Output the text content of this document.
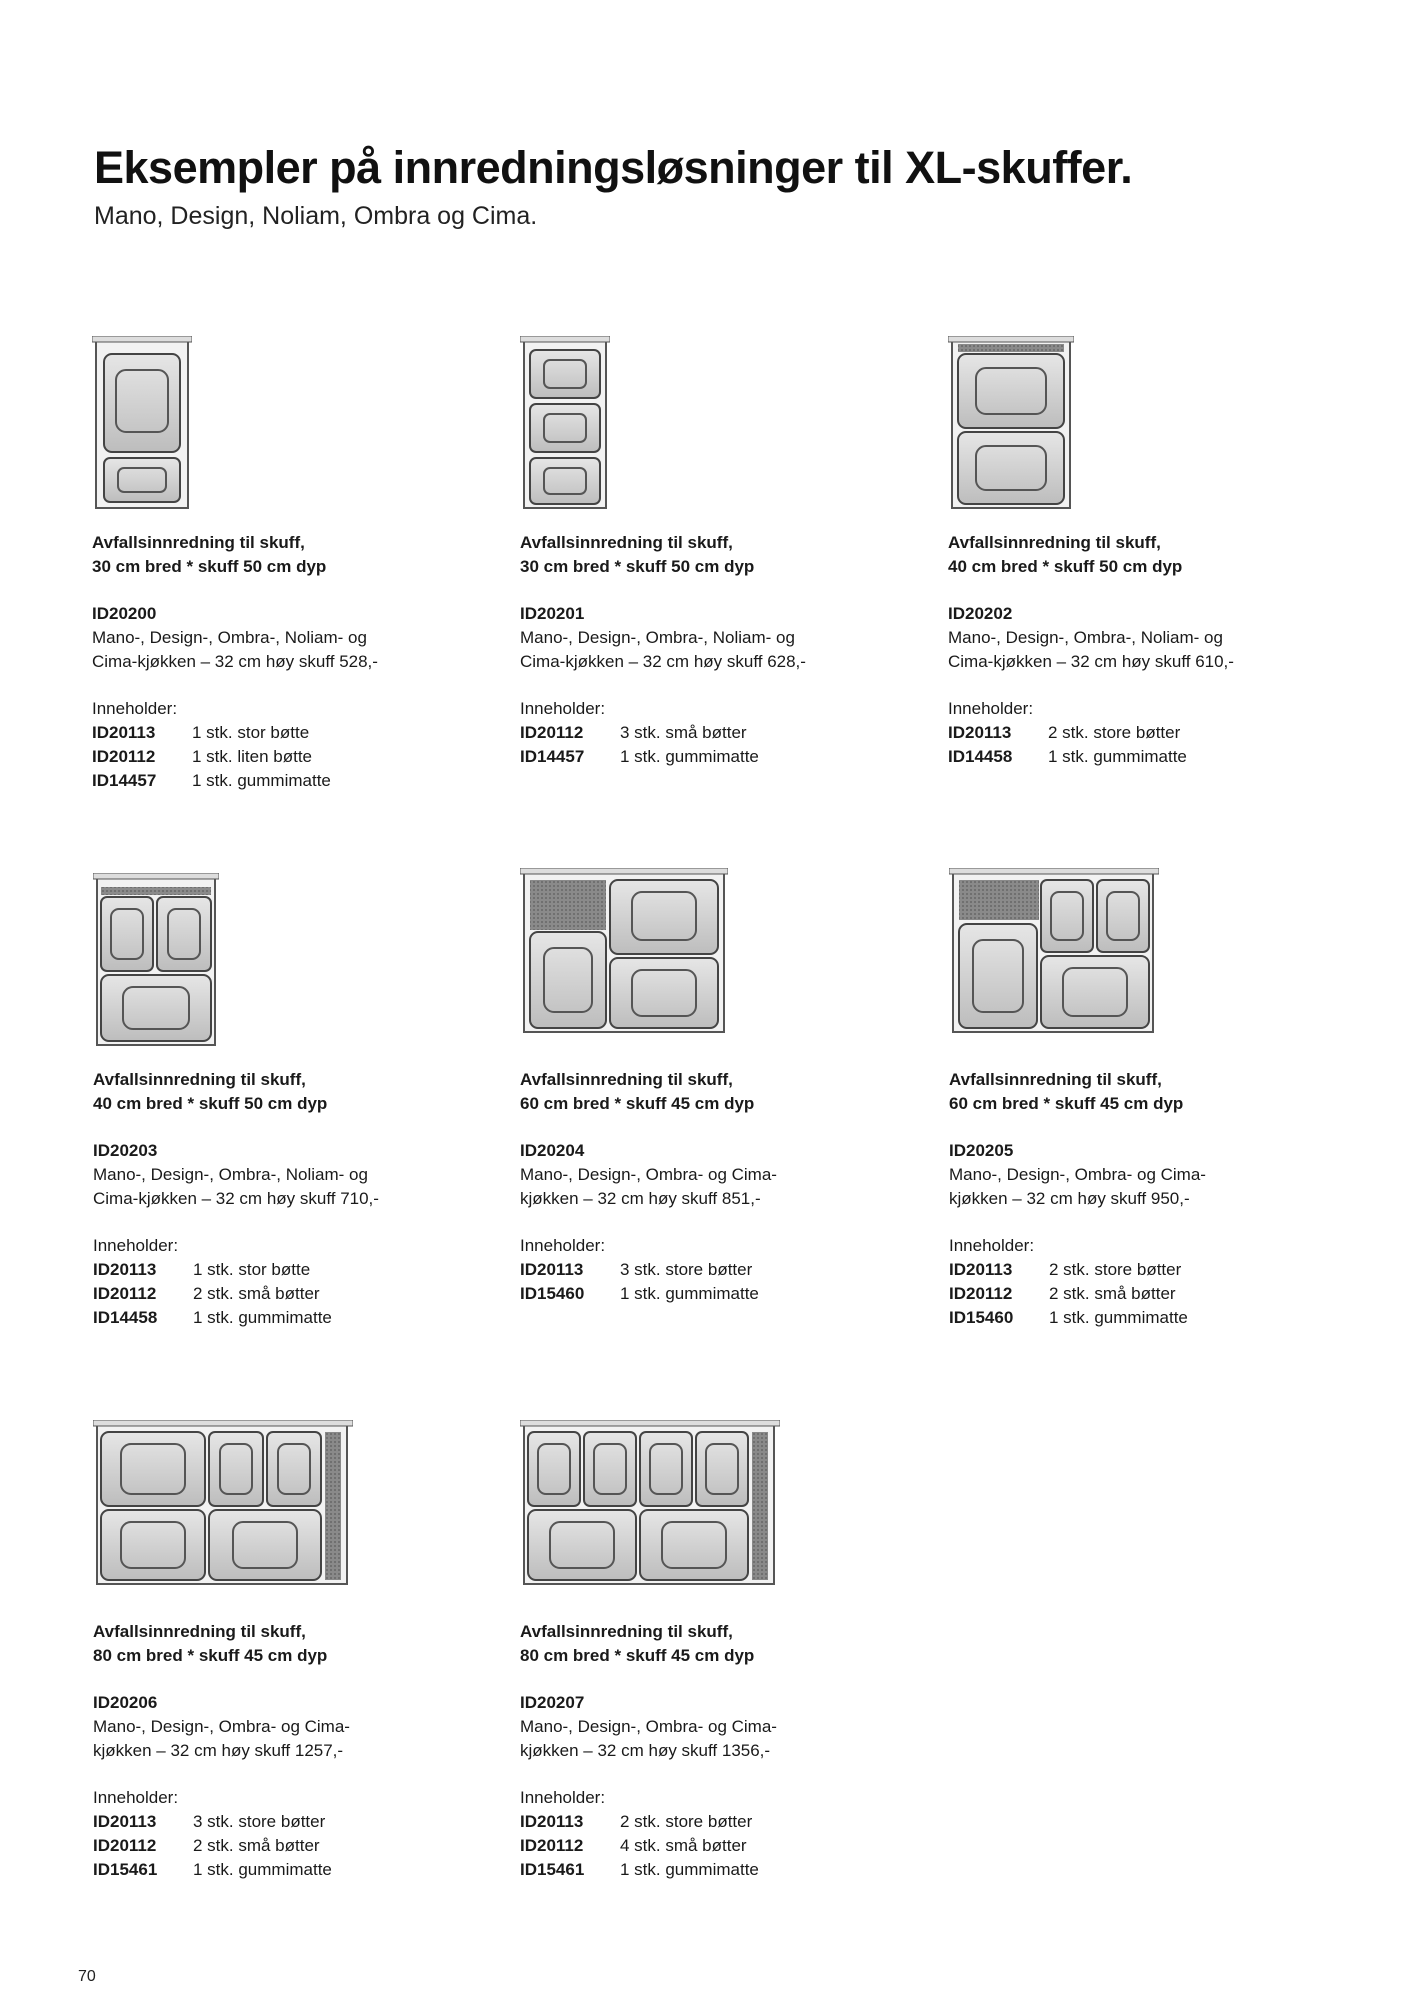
Eksempler på innredningsløsninger til XL-skuffer.

Mano, Design, Noliam, Ombra og Cima.

Avfallsinnredning til skuff,

30 cm bred * skuff 50 cm dyp

ID20200

Mano-, Design-, Ombra-, Noliam- og

Cima-kjøkken – 32 cm høy skuff 528,-

Inneholder:

ID20113	1 stk. stor bøtte
ID20112	1 stk. liten bøtte
ID14457	1 stk. gummimatte

Avfallsinnredning til skuff,

30 cm bred * skuff 50 cm dyp

ID20201

Mano-, Design-, Ombra-, Noliam- og

Cima-kjøkken – 32 cm høy skuff 628,-

Inneholder:

ID20112	3 stk. små bøtter
ID14457	1 stk. gummimatte

Avfallsinnredning til skuff,

40 cm bred * skuff 50 cm dyp

ID20202

Mano-, Design-, Ombra-, Noliam- og

Cima-kjøkken – 32 cm høy skuff 610,-

Inneholder:

ID20113	2 stk. store bøtter
ID14458	1 stk. gummimatte

Avfallsinnredning til skuff,

40 cm bred * skuff 50 cm dyp

ID20203

Mano-, Design-, Ombra-, Noliam- og

Cima-kjøkken – 32 cm høy skuff 710,-

Inneholder:

ID20113	1 stk. stor bøtte
ID20112	2 stk. små bøtter
ID14458	1 stk. gummimatte

Avfallsinnredning til skuff,

60 cm bred * skuff 45 cm dyp

ID20204

Mano-, Design-, Ombra- og Cima-

kjøkken – 32 cm høy skuff 851,-

Inneholder:

ID20113	3 stk. store bøtter
ID15460	1 stk. gummimatte

Avfallsinnredning til skuff,

60 cm bred * skuff 45 cm dyp

ID20205

Mano-, Design-, Ombra- og Cima-

kjøkken – 32 cm høy skuff 950,-

Inneholder:

ID20113	2 stk. store bøtter
ID20112	2 stk. små bøtter
ID15460	1 stk. gummimatte

Avfallsinnredning til skuff,

80 cm bred * skuff 45 cm dyp

ID20206

Mano-, Design-, Ombra- og Cima-

kjøkken – 32 cm høy skuff 1257,-

Inneholder:

ID20113	3 stk. store bøtter
ID20112	2 stk. små bøtter
ID15461	1 stk. gummimatte

Avfallsinnredning til skuff,

80 cm bred * skuff 45 cm dyp

ID20207

Mano-, Design-, Ombra- og Cima-

kjøkken – 32 cm høy skuff 1356,-

Inneholder:

ID20113	2 stk. store bøtter
ID20112	4 stk. små bøtter
ID15461	1 stk. gummimatte
70
